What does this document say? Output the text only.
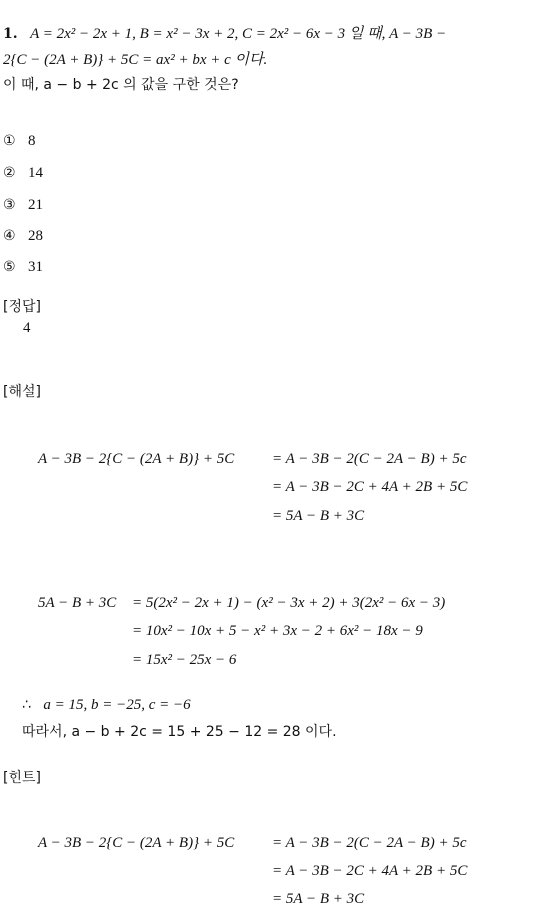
1. A = 2x² − 2x + 1, B = x² − 3x + 2, C = 2x² − 6x − 3 일 때, A − 3B −
2{C − (2A + B)} + 5C = ax² + bx + c 이다.
이 때, a − b + 2c 의 값을 구한 것은?
① 8
② 14
③ 21
④ 28
⑤ 31
[정답]
4
[해설]
A − 3B − 2{C − (2A + B)} + 5C	= A − 3B − 2(C − 2A − B) + 5c
= A − 3B − 2C + 4A + 2B + 5C
= 5A − B + 3C
5A − B + 3C = 5(2x² − 2x + 1) − (x² − 3x + 2) + 3(2x² − 6x − 3)
= 10x² − 10x + 5 − x² + 3x − 2 + 6x² − 18x − 9
= 15x² − 25x − 6
∴ a = 15, b = −25, c = −6
따라서, a − b + 2c = 15 + 25 − 12 = 28 이다.
[힌트]
A − 3B − 2{C − (2A + B)} + 5C	= A − 3B − 2(C − 2A − B) + 5c
= A − 3B − 2C + 4A + 2B + 5C
= 5A − B + 3C
